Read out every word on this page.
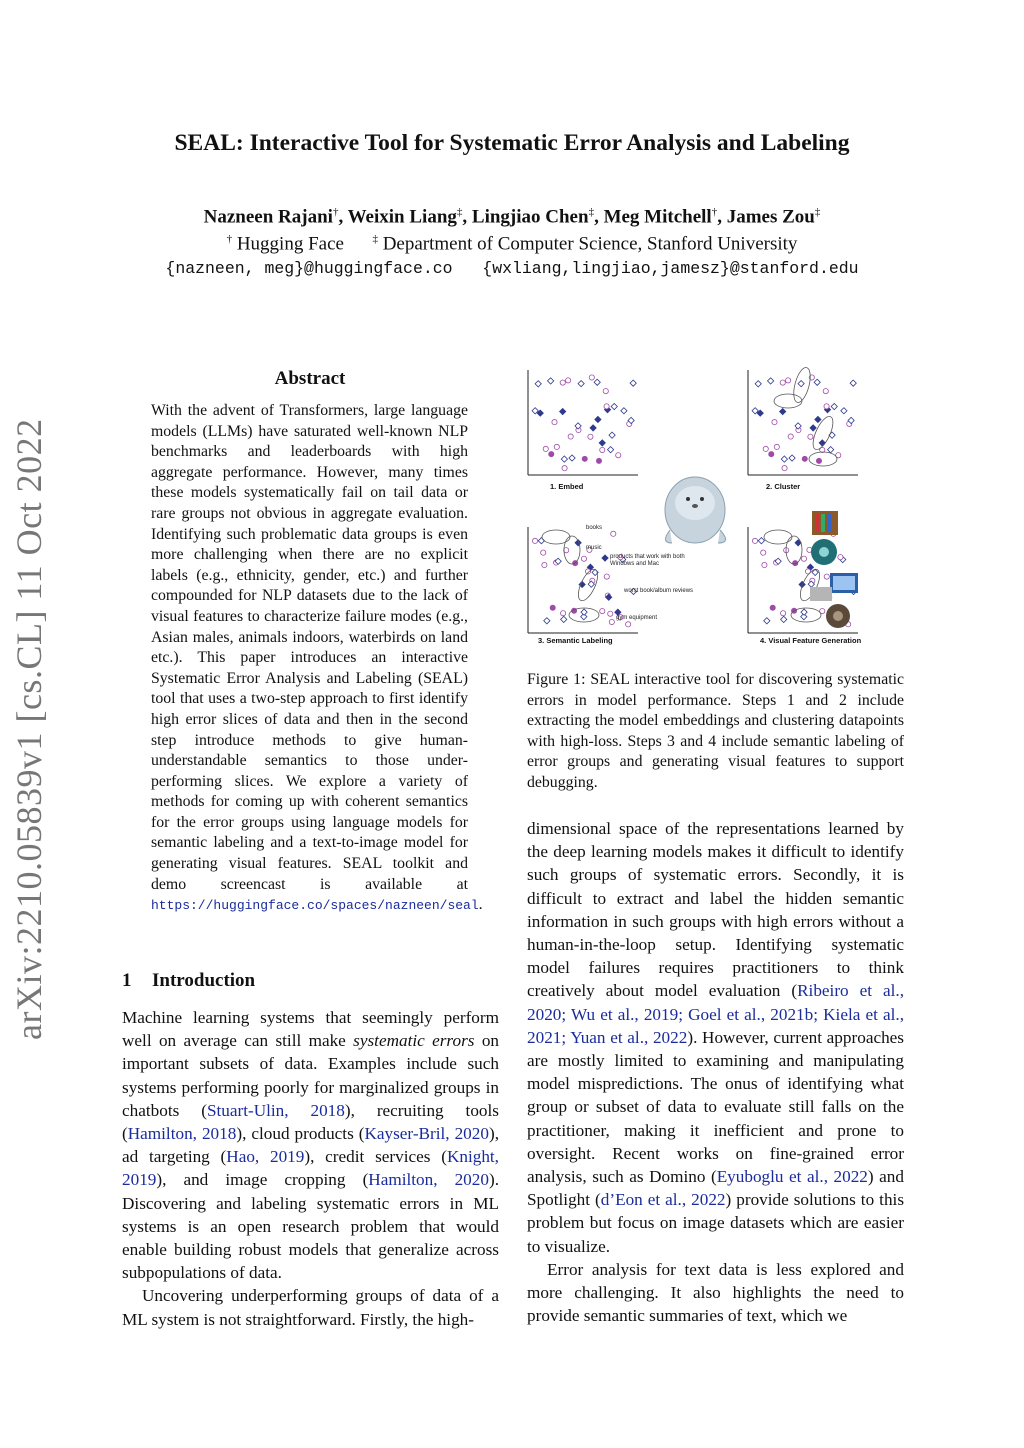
SEAL: Interactive Tool for Systematic Error Analysis and Labeling
Nazneen Rajani†, Weixin Liang‡, Lingjiao Chen‡, Meg Mitchell†, James Zou‡
† Hugging Face	‡ Department of Computer Science, Stanford University
{nazneen, meg}@huggingface.co {wxliang,lingjiao,jamesz}@stanford.edu
arXiv:2210.05839v1 [cs.CL] 11 Oct 2022
Abstract
With the advent of Transformers, large language models (LLMs) have saturated well-known NLP benchmarks and leaderboards with high aggregate performance. However, many times these models systematically fail on tail data or rare groups not obvious in aggregate evaluation. Identifying such problematic data groups is even more challenging when there are no explicit labels (e.g., ethnicity, gender, etc.) and further compounded for NLP datasets due to the lack of visual features to characterize failure modes (e.g., Asian males, animals indoors, waterbirds on land etc.). This paper introduces an interactive Systematic Error Analysis and Labeling (SEAL) tool that uses a two-step approach to first identify high error slices of data and then in the second step introduce methods to give human-understandable semantics to those under-performing slices. We explore a variety of methods for coming up with coherent semantics for the error groups using language models for semantic labeling and a text-to-image model for generating visual features. SEAL toolkit and demo screencast is available at https://huggingface.co/spaces/nazneen/seal.
1 Introduction

Machine learning systems that seemingly perform well on average can still make systematic errors on important subsets of data. Examples include such systems performing poorly for marginalized groups in chatbots (Stuart-Ulin, 2018), recruiting tools (Hamilton, 2018), cloud products (Kayser-Bril, 2020), ad targeting (Hao, 2019), credit services (Knight, 2019), and image cropping (Hamilton, 2020). Discovering and labeling systematic errors in ML systems is an open research problem that would enable building robust models that generalize across subpopulations of data.

Uncovering underperforming groups of data of a ML system is not straightforward. Firstly, the high-

1. Embed	2. Cluster
books
music
products that work with both
Windows and Mac
worst book/album reviews
gym equipment
3. Semantic Labeling	4. Visual Feature Generation
Figure 1: SEAL interactive tool for discovering systematic errors in model performance. Steps 1 and 2 include extracting the model embeddings and clustering datapoints with high-loss. Steps 3 and 4 include semantic labeling of error groups and generating visual features to support debugging.

dimensional space of the representations learned by the deep learning models makes it difficult to identify such groups of systematic errors. Secondly, it is difficult to extract and label the hidden semantic information in such groups with high errors without a human-in-the-loop setup. Identifying systematic model failures requires practitioners to think creatively about model evaluation (Ribeiro et al., 2020; Wu et al., 2019; Goel et al., 2021b; Kiela et al., 2021; Yuan et al., 2022). However, current approaches are mostly limited to examining and manipulating model mispredictions. The onus of identifying what group or subset of data to evaluate still falls on the practitioner, making it inefficient and prone to oversight. Recent works on fine-grained error analysis, such as Domino (Eyuboglu et al., 2022) and Spotlight (d’Eon et al., 2022) provide solutions to this problem but focus on image datasets which are easier to visualize.

Error analysis for text data is less explored and more challenging. It also highlights the need to provide semantic summaries of text, which we
